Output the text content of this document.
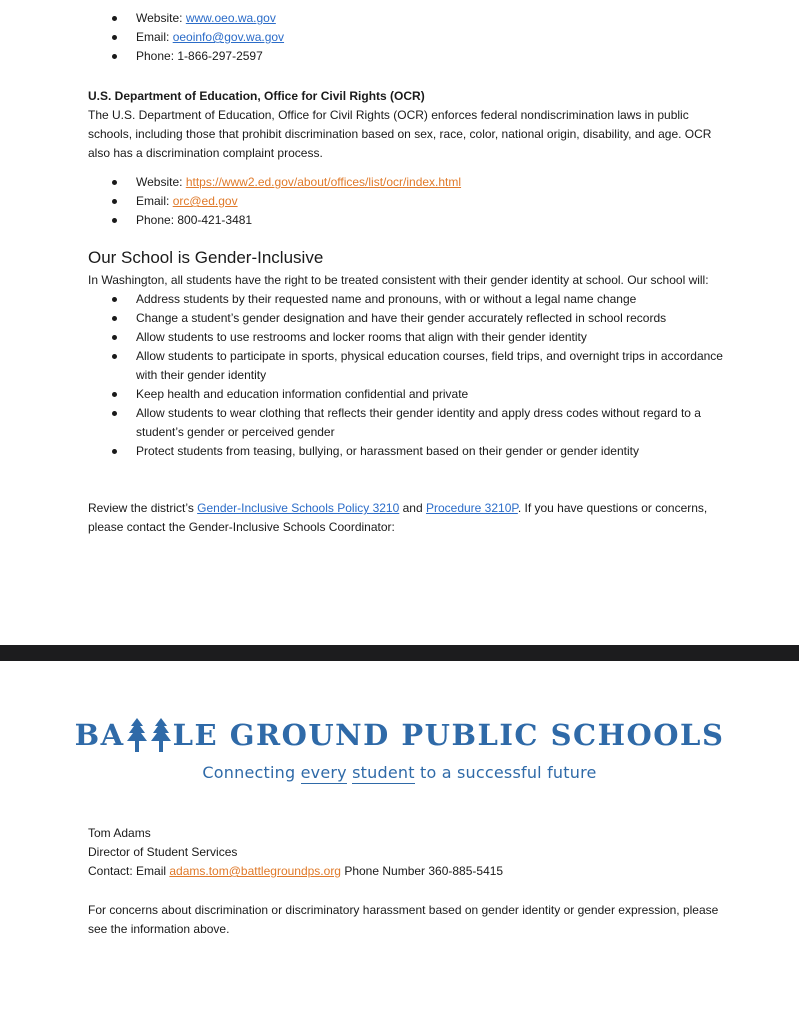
Website: www.oeo.wa.gov
Email: oeoinfo@gov.wa.gov
Phone: 1-866-297-2597

U.S. Department of Education, Office for Civil Rights (OCR)

The U.S. Department of Education, Office for Civil Rights (OCR) enforces federal nondiscrimination laws in public schools, including those that prohibit discrimination based on sex, race, color, national origin, disability, and age. OCR also has a discrimination complaint process.

Website: https://www2.ed.gov/about/offices/list/ocr/index.html
Email: orc@ed.gov
Phone: 800-421-3481
Our School is Gender-Inclusive

In Washington, all students have the right to be treated consistent with their gender identity at school. Our school will:

Address students by their requested name and pronouns, with or without a legal name change
Change a student’s gender designation and have their gender accurately reflected in school records
Allow students to use restrooms and locker rooms that align with their gender identity
Allow students to participate in sports, physical education courses, field trips, and overnight trips in accordance with their gender identity
Keep health and education information confidential and private
Allow students to wear clothing that reflects their gender identity and apply dress codes without regard to a student’s gender or perceived gender
Protect students from teasing, bullying, or harassment based on their gender or gender identity

Review the district’s Gender-Inclusive Schools Policy 3210 and Procedure 3210P. If you have questions or concerns, please contact the Gender-Inclusive Schools Coordinator:

BA LE GROUND PUBLIC SCHOOLS
Connecting every student to a successful future
Tom Adams
Director of Student Services
Contact: Email adams.tom@battlegroundps.org Phone Number 360-885-5415

For concerns about discrimination or discriminatory harassment based on gender identity or gender expression, please see the information above.
